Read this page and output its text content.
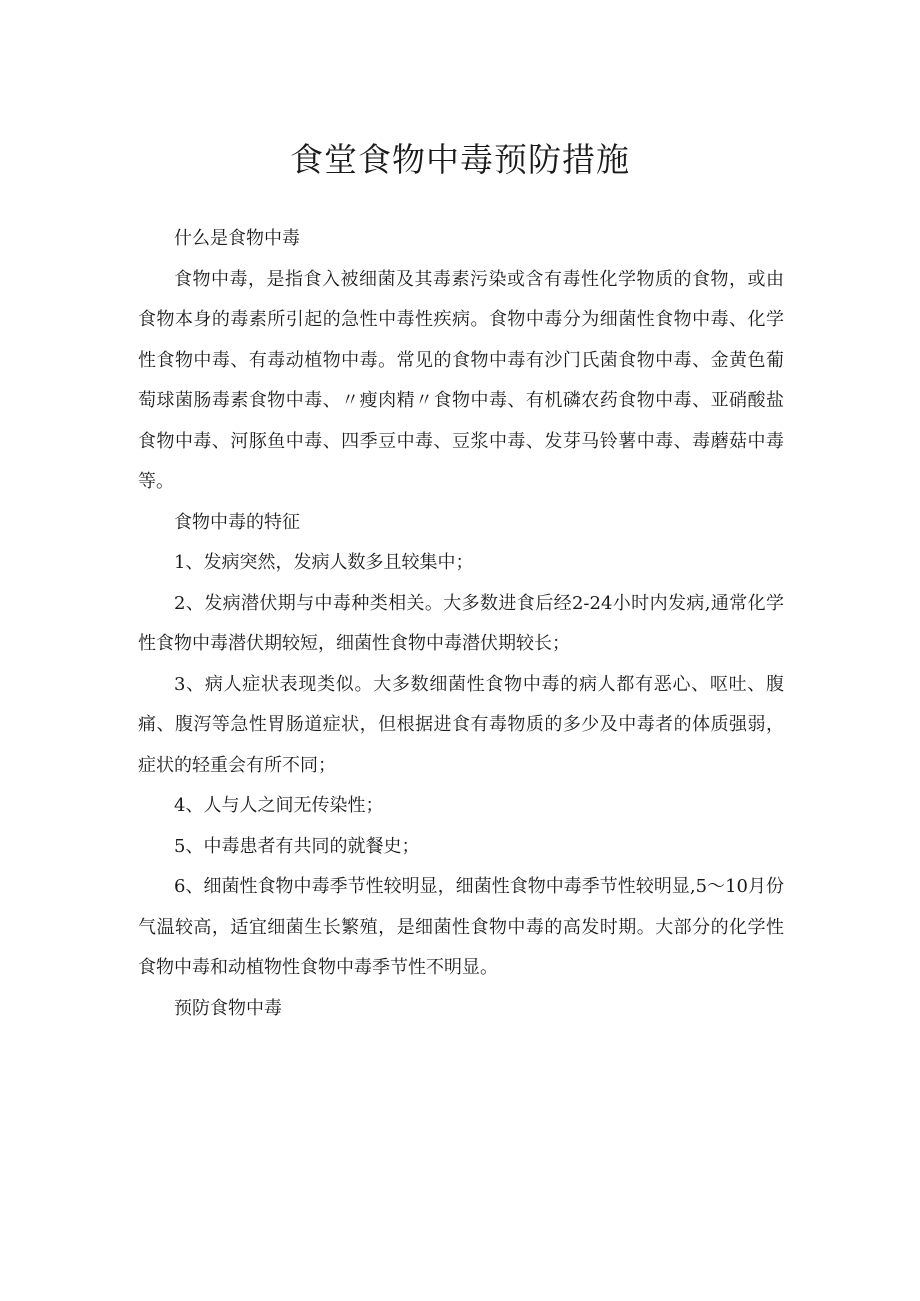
食堂食物中毒预防措施

什么是食物中毒

食物中毒，是指食入被细菌及其毒素污染或含有毒性化学物质的食物，或由食物本身的毒素所引起的急性中毒性疾病。食物中毒分为细菌性食物中毒、化学性食物中毒、有毒动植物中毒。常见的食物中毒有沙门氏菌食物中毒、金黄色葡萄球菌肠毒素食物中毒、〃瘦肉精〃食物中毒、有机磷农药食物中毒、亚硝酸盐食物中毒、河豚鱼中毒、四季豆中毒、豆浆中毒、发芽马铃薯中毒、毒蘑菇中毒等。

食物中毒的特征

1、发病突然，发病人数多且较集中；

2、发病潜伏期与中毒种类相关。大多数进食后经2-24小时内发病,通常化学性食物中毒潜伏期较短，细菌性食物中毒潜伏期较长；

3、病人症状表现类似。大多数细菌性食物中毒的病人都有恶心、呕吐、腹痛、腹泻等急性胃肠道症状，但根据进食有毒物质的多少及中毒者的体质强弱，症状的轻重会有所不同；

4、人与人之间无传染性；

5、中毒患者有共同的就餐史；

6、细菌性食物中毒季节性较明显，细菌性食物中毒季节性较明显,5～10月份气温较高，适宜细菌生长繁殖，是细菌性食物中毒的高发时期。大部分的化学性食物中毒和动植物性食物中毒季节性不明显。

预防食物中毒
